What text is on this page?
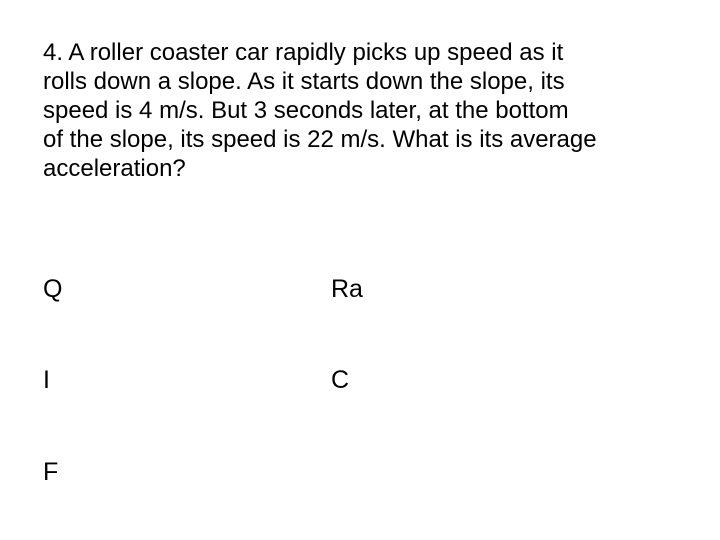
4. A roller coaster car rapidly picks up speed as it
rolls down a slope. As it starts down the slope, its
speed is 4 m/s. But 3 seconds later, at the bottom
of the slope, its speed is 22 m/s. What is its average
acceleration?

Q	Ra
I	C
F
